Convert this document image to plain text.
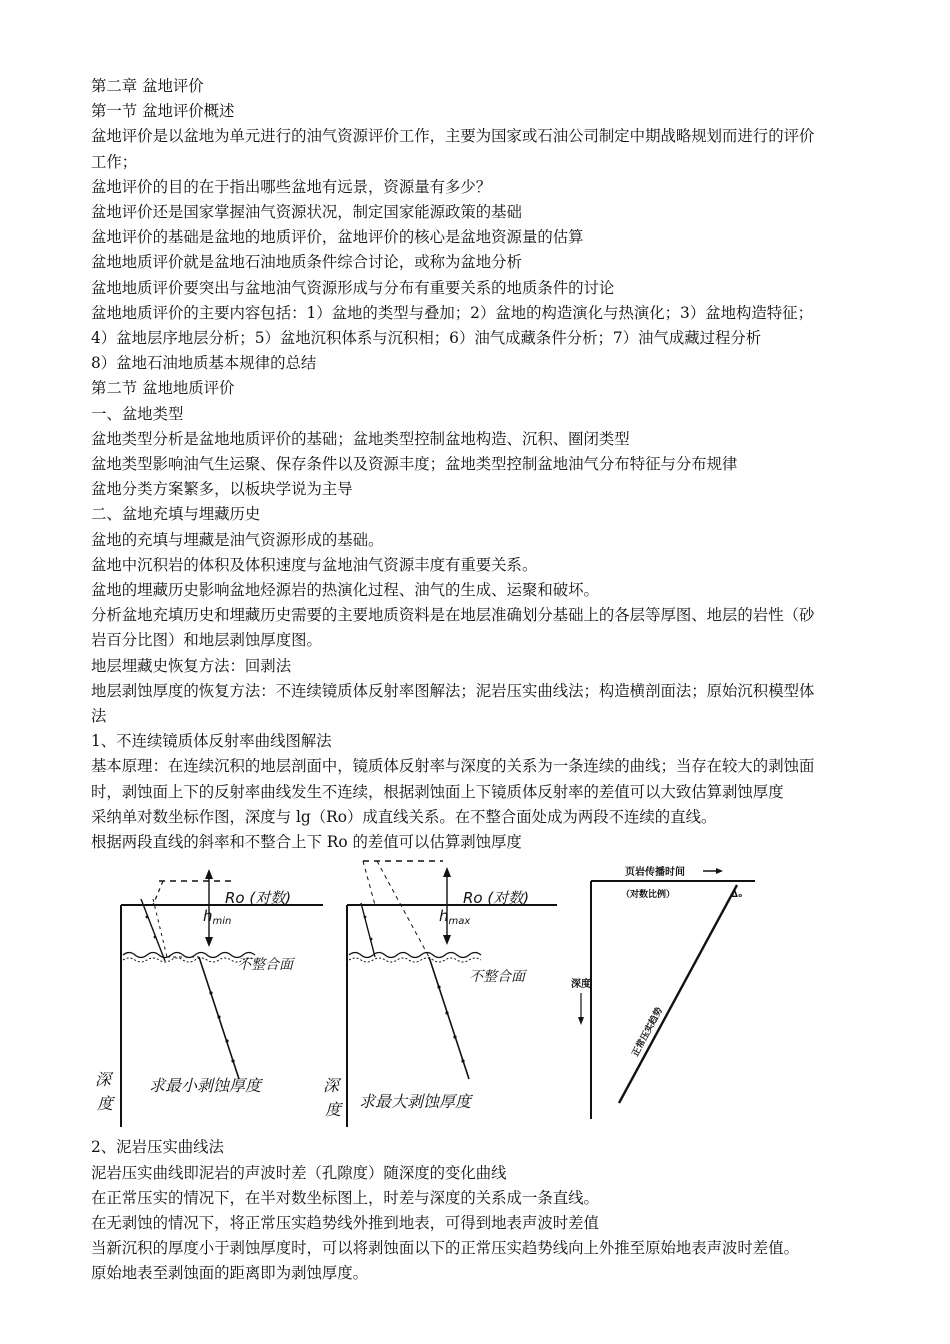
第二章 盆地评价

第一节 盆地评价概述

盆地评价是以盆地为单元进行的油气资源评价工作，主要为国家或石油公司制定中期战略规划而进行的评价

工作；

盆地评价的目的在于指出哪些盆地有远景，资源量有多少？

盆地评价还是国家掌握油气资源状况，制定国家能源政策的基础

盆地评价的基础是盆地的地质评价，盆地评价的核心是盆地资源量的估算

盆地地质评价就是盆地石油地质条件综合讨论，或称为盆地分析

盆地地质评价要突出与盆地油气资源形成与分布有重要关系的地质条件的讨论

盆地地质评价的主要内容包括：1）盆地的类型与叠加；2）盆地的构造演化与热演化；3）盆地构造特征；

4）盆地层序地层分析；5）盆地沉积体系与沉积相；6）油气成藏条件分析；7）油气成藏过程分析

8）盆地石油地质基本规律的总结

第二节 盆地地质评价

一、盆地类型

盆地类型分析是盆地地质评价的基础；盆地类型控制盆地构造、沉积、圈闭类型

盆地类型影响油气生运聚、保存条件以及资源丰度；盆地类型控制盆地油气分布特征与分布规律

盆地分类方案繁多，以板块学说为主导

二、盆地充填与埋藏历史

盆地的充填与埋藏是油气资源形成的基础。

盆地中沉积岩的体积及体积速度与盆地油气资源丰度有重要关系。

盆地的埋藏历史影响盆地烃源岩的热演化过程、油气的生成、运聚和破坏。

分析盆地充填历史和埋藏历史需要的主要地质资料是在地层准确划分基础上的各层等厚图、地层的岩性（砂

岩百分比图）和地层剥蚀厚度图。

地层埋藏史恢复方法：回剥法

地层剥蚀厚度的恢复方法：不连续镜质体反射率图解法；泥岩压实曲线法；构造横剖面法；原始沉积模型体

法

1、不连续镜质体反射率曲线图解法

基本原理：在连续沉积的地层剖面中，镜质体反射率与深度的关系为一条连续的曲线；当存在较大的剥蚀面

时，剥蚀面上下的反射率曲线发生不连续，根据剥蚀面上下镜质体反射率的差值可以大致估算剥蚀厚度

采纳单对数坐标作图，深度与 lg（Ro）成直线关系。在不整合面处成为两段不连续的直线。

根据两段直线的斜率和不整合上下 Ro 的差值可以估算剥蚀厚度

Ro (对数)
$h_{min}$
不整合面
深
度
求最小剥蚀厚度
Ro (对数)
$h_{max}$
不整合面
深
度 求最大剥蚀厚度
页岩传播时间
（对数比例）	Δₒ
深度
正常压实趋势

2、泥岩压实曲线法

泥岩压实曲线即泥岩的声波时差（孔隙度）随深度的变化曲线

在正常压实的情况下，在半对数坐标图上，时差与深度的关系成一条直线。

在无剥蚀的情况下，将正常压实趋势线外推到地表，可得到地表声波时差值

当新沉积的厚度小于剥蚀厚度时，可以将剥蚀面以下的正常压实趋势线向上外推至原始地表声波时差值。

原始地表至剥蚀面的距离即为剥蚀厚度。
